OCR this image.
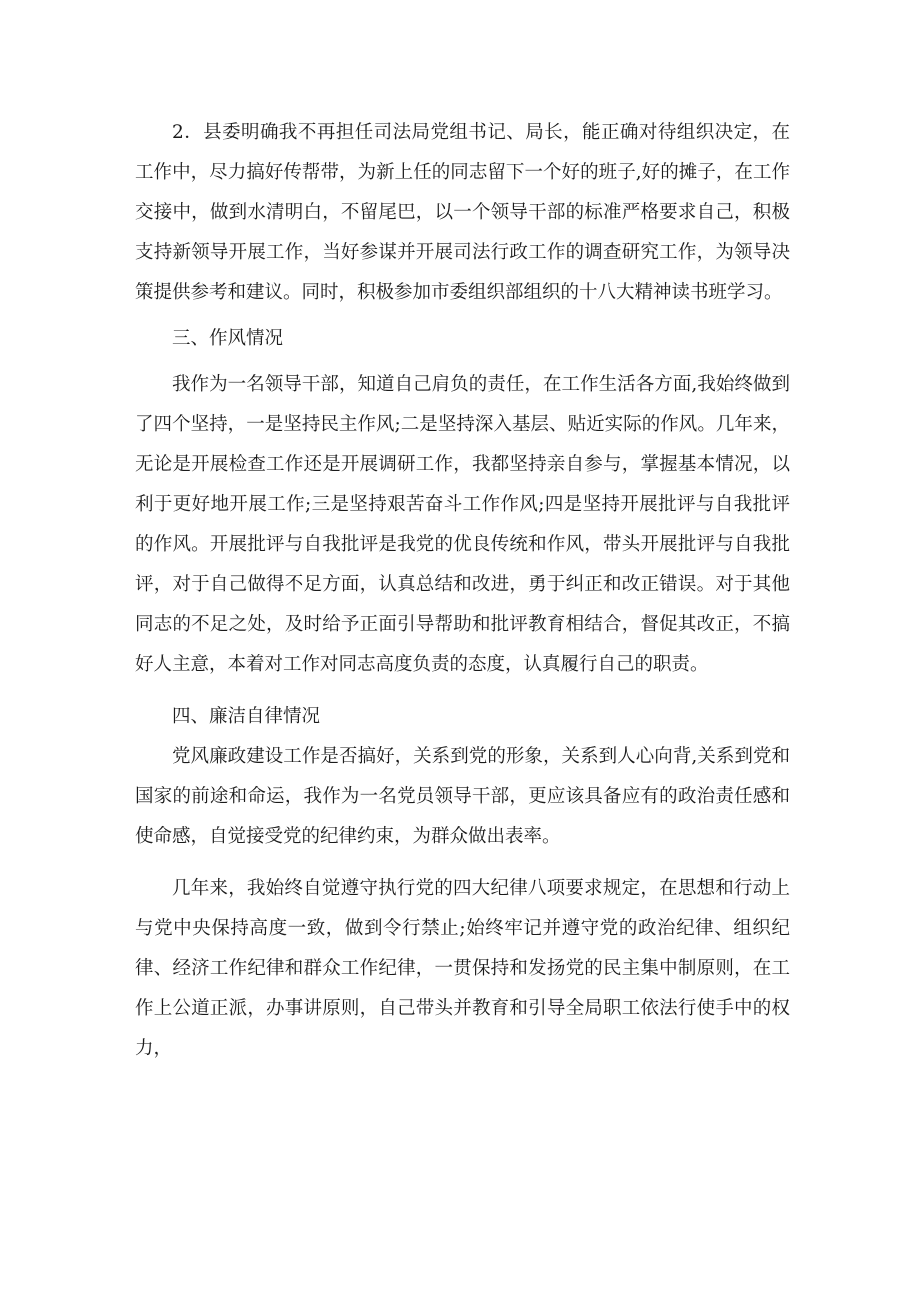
2．县委明确我不再担任司法局党组书记、局长，能正确对待组织决定，在工作中，尽力搞好传帮带，为新上任的同志留下一个好的班子,好的摊子，在工作交接中，做到水清明白，不留尾巴，以一个领导干部的标准严格要求自己，积极支持新领导开展工作，当好参谋并开展司法行政工作的调查研究工作，为领导决策提供参考和建议。同时，积极参加市委组织部组织的十八大精神读书班学习。

三、作风情况

我作为一名领导干部，知道自己肩负的责任，在工作生活各方面,我始终做到了四个坚持，一是坚持民主作风;二是坚持深入基层、贴近实际的作风。几年来，无论是开展检查工作还是开展调研工作，我都坚持亲自参与，掌握基本情况，以利于更好地开展工作;三是坚持艰苦奋斗工作作风;四是坚持开展批评与自我批评的作风。开展批评与自我批评是我党的优良传统和作风，带头开展批评与自我批评，对于自己做得不足方面，认真总结和改进，勇于纠正和改正错误。对于其他同志的不足之处，及时给予正面引导帮助和批评教育相结合，督促其改正，不搞好人主意，本着对工作对同志高度负责的态度，认真履行自己的职责。

四、廉洁自律情况

党风廉政建设工作是否搞好，关系到党的形象，关系到人心向背,关系到党和国家的前途和命运，我作为一名党员领导干部，更应该具备应有的政治责任感和使命感，自觉接受党的纪律约束，为群众做出表率。

几年来，我始终自觉遵守执行党的四大纪律八项要求规定，在思想和行动上与党中央保持高度一致，做到令行禁止;始终牢记并遵守党的政治纪律、组织纪律、经济工作纪律和群众工作纪律，一贯保持和发扬党的民主集中制原则，在工作上公道正派，办事讲原则，自己带头并教育和引导全局职工依法行使手中的权力，
